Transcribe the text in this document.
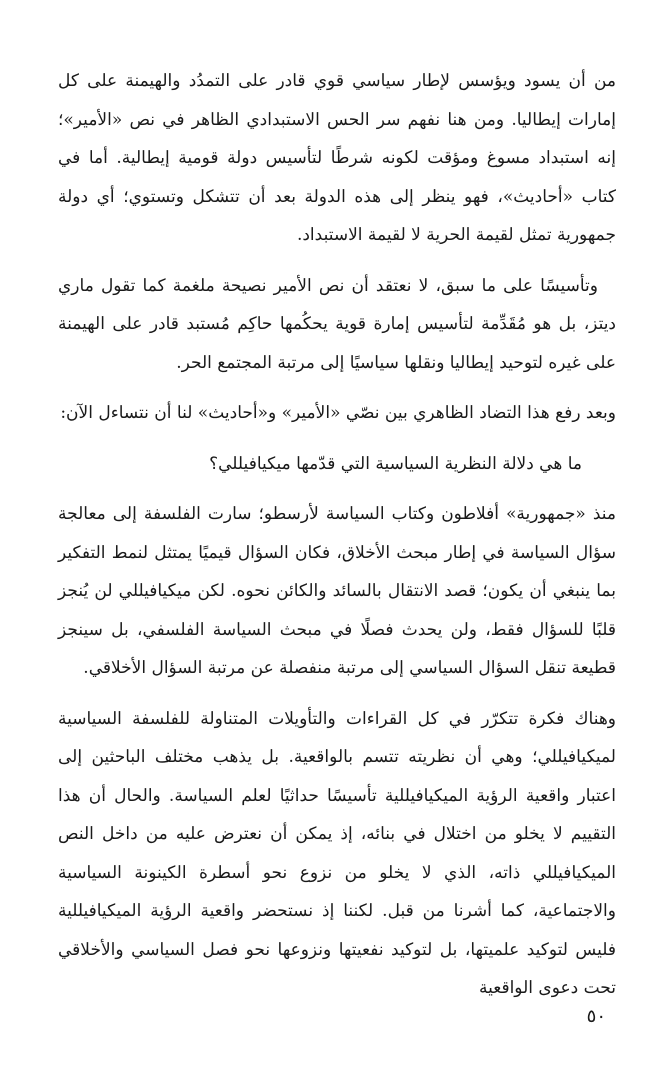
من أن يسود ويؤسس لإطار سياسي قوي قادر على التمدُد والهيمنة على كل إمارات إيطاليا. ومن هنا نفهم سر الحس الاستبدادي الظاهر في نص «الأمير»؛ إنه استبداد مسوغ ومؤقت لكونه شرطًا لتأسيس دولة قومية إيطالية. أما في كتاب «أحاديث»، فهو ينظر إلى هذه الدولة بعد أن تتشكل وتستوي؛ أي دولة جمهورية تمثل لقيمة الحرية لا لقيمة الاستبداد.

وتأسيسًا على ما سبق، لا نعتقد أن نص الأمير نصيحة ملغمة كما تقول ماري ديتز، بل هو مُقَدِّمة لتأسيس إمارة قوية يحكُمها حاكِم مُستبد قادر على الهيمنة على غيره لتوحيد إيطاليا ونقلها سياسيًا إلى مرتبة المجتمع الحر.

وبعد رفع هذا التضاد الظاهري بين نصّي «الأمير» و«أحاديث» لنا أن نتساءل الآن:

ما هي دلالة النظرية السياسية التي قدّمها ميكيافيللي؟

منذ «جمهورية» أفلاطون وكتاب السياسة لأرسطو؛ سارت الفلسفة إلى معالجة سؤال السياسة في إطار مبحث الأخلاق، فكان السؤال قيميًا يمتثل لنمط التفكير بما ينبغي أن يكون؛ قصد الانتقال بالسائد والكائن نحوه. لكن ميكيافيللي لن يُنجز قلبًا للسؤال فقط، ولن يحدث فصلًا في مبحث السياسة الفلسفي، بل سينجز قطيعة تنقل السؤال السياسي إلى مرتبة منفصلة عن مرتبة السؤال الأخلاقي.

وهناك فكرة تتكرّر في كل القراءات والتأويلات المتناولة للفلسفة السياسية لميكيافيللي؛ وهي أن نظريته تتسم بالواقعية. بل يذهب مختلف الباحثين إلى اعتبار واقعية الرؤية الميكيافيللية تأسيسًا حداثيًا لعلم السياسة. والحال أن هذا التقييم لا يخلو من اختلال في بنائه، إذ يمكن أن نعترض عليه من داخل النص الميكيافيللي ذاته، الذي لا يخلو من نزوع نحو أسطرة الكينونة السياسية والاجتماعية، كما أشرنا من قبل. لكننا إذ نستحضر واقعية الرؤية الميكيافيللية فليس لتوكيد علميتها، بل لتوكيد نفعيتها ونزوعها نحو فصل السياسي والأخلاقي تحت دعوى الواقعية

٥٠
